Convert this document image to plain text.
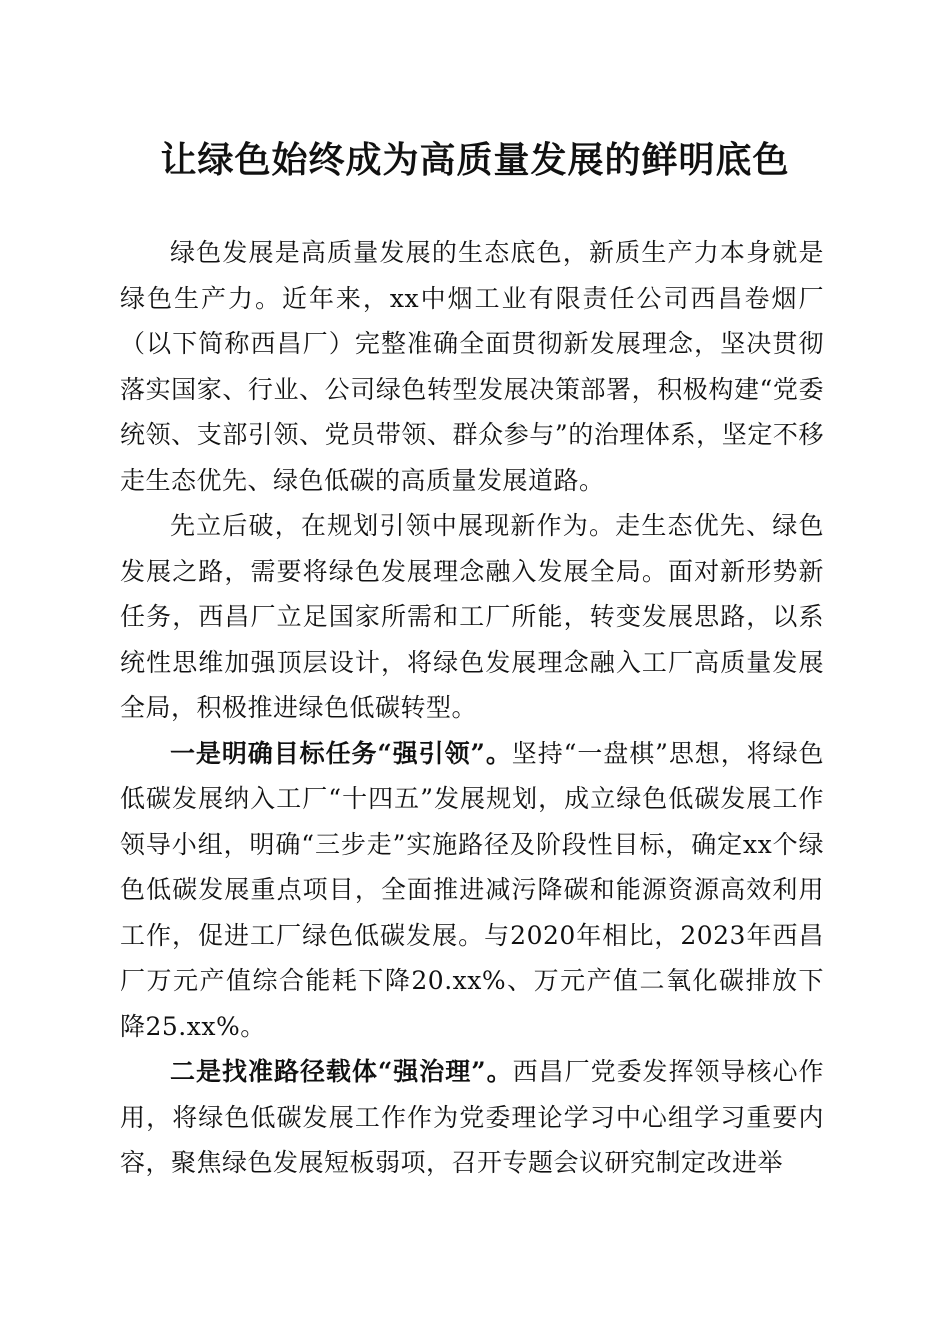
让绿色始终成为高质量发展的鲜明底色

绿色发展是高质量发展的生态底色，新质生产力本身就是绿色生产力。近年来，xx中烟工业有限责任公司西昌卷烟厂（以下简称西昌厂）完整准确全面贯彻新发展理念，坚决贯彻落实国家、行业、公司绿色转型发展决策部署，积极构建“党委统领、支部引领、党员带领、群众参与”的治理体系，坚定不移走生态优先、绿色低碳的高质量发展道路。

先立后破，在规划引领中展现新作为。走生态优先、绿色发展之路，需要将绿色发展理念融入发展全局。面对新形势新任务，西昌厂立足国家所需和工厂所能，转变发展思路，以系统性思维加强顶层设计，将绿色发展理念融入工厂高质量发展全局，积极推进绿色低碳转型。

一是明确目标任务“强引领”。坚持“一盘棋”思想，将绿色低碳发展纳入工厂“十四五”发展规划，成立绿色低碳发展工作领导小组，明确“三步走”实施路径及阶段性目标，确定xx个绿色低碳发展重点项目，全面推进减污降碳和能源资源高效利用工作，促进工厂绿色低碳发展。与2020年相比，2023年西昌厂万元产值综合能耗下降20.xx%、万元产值二氧化碳排放下降25.xx%。

二是找准路径载体“强治理”。西昌厂党委发挥领导核心作用，将绿色低碳发展工作作为党委理论学习中心组学习重要内容，聚焦绿色发展短板弱项，召开专题会议研究制定改进举
